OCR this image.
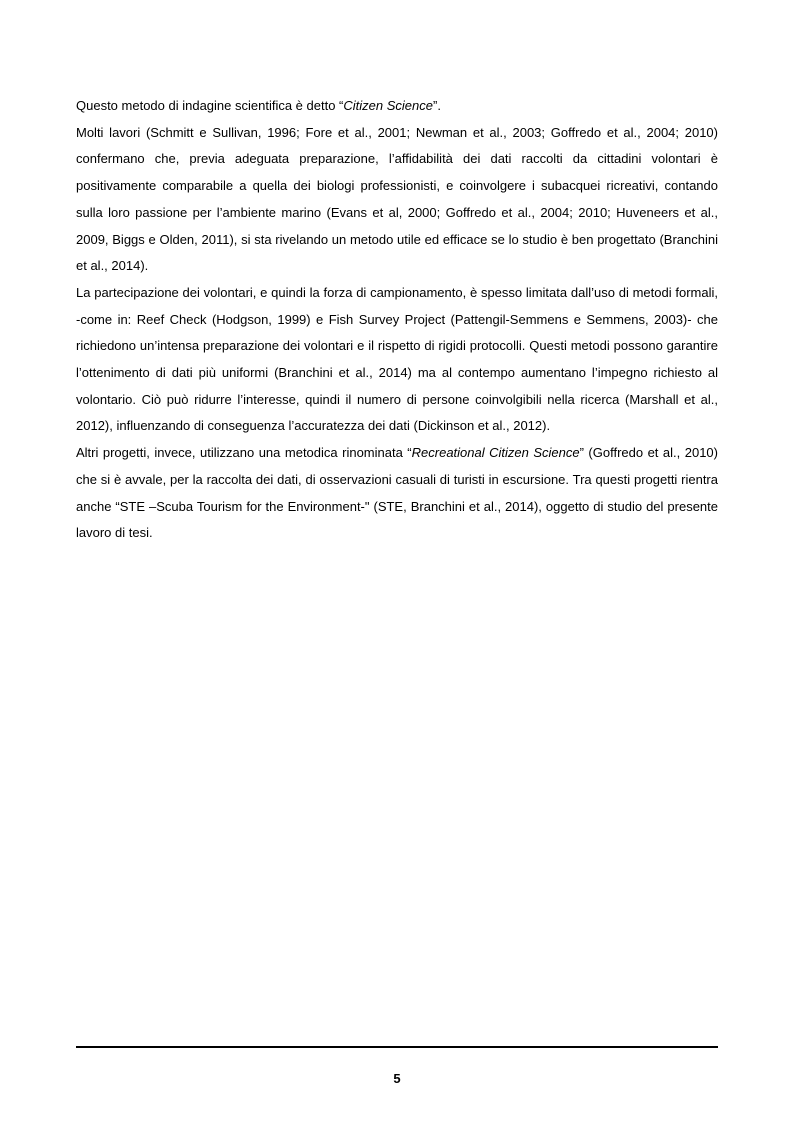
Questo metodo di indagine scientifica è detto “Citizen Science”.

Molti lavori (Schmitt e Sullivan, 1996; Fore et al., 2001; Newman et al., 2003; Goffredo et al., 2004; 2010) confermano che, previa adeguata preparazione, l’affidabilità dei dati raccolti da cittadini volontari è positivamente comparabile a quella dei biologi professionisti, e coinvolgere i subacquei ricreativi, contando sulla loro passione per l’ambiente marino (Evans et al, 2000; Goffredo et al., 2004; 2010; Huveneers et al., 2009, Biggs e Olden, 2011), si sta rivelando un metodo utile ed efficace se lo studio è ben progettato (Branchini et al., 2014).

La partecipazione dei volontari, e quindi la forza di campionamento, è spesso limitata dall’uso di metodi formali, -come in: Reef Check (Hodgson, 1999) e Fish Survey Project (Pattengil-Semmens e Semmens, 2003)- che richiedono un’intensa preparazione dei volontari e il rispetto di rigidi protocolli. Questi metodi possono garantire l’ottenimento di dati più uniformi (Branchini et al., 2014) ma al contempo aumentano l’impegno richiesto al volontario. Ciò può ridurre l’interesse, quindi il numero di persone coinvolgibili nella ricerca (Marshall et al., 2012), influenzando di conseguenza l’accuratezza dei dati (Dickinson et al., 2012).

Altri progetti, invece, utilizzano una metodica rinominata “Recreational Citizen Science” (Goffredo et al., 2010) che si è avvale, per la raccolta dei dati, di osservazioni casuali di turisti in escursione. Tra questi progetti rientra anche “STE –Scuba Tourism for the Environment-" (STE, Branchini et al., 2014), oggetto di studio del presente lavoro di tesi.

5
